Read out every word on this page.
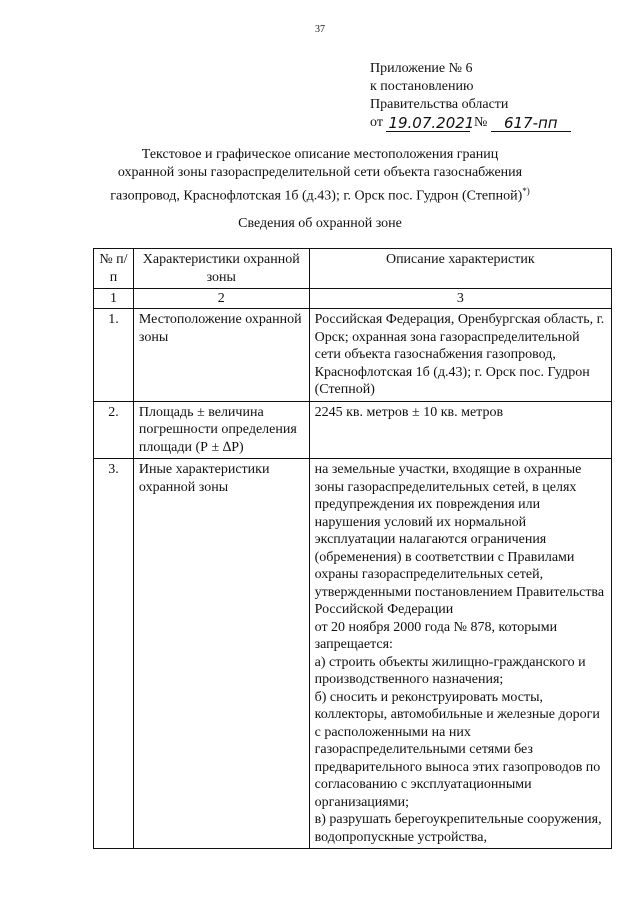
37
Приложение № 6
к постановлению
Правительства области
от
19.07.2021
№
	617-пп
Текстовое и графическое описание местоположения границ
охранной зоны газораспределительной сети объекта газоснабжения
газопровод, Краснофлотская 1б (д.43); г. Орск пос. Гудрон (Степной)*)
Сведения об охранной зоне
№ п/п	Характеристики охранной зоны	Описание характеристик
1	2	3
1.	Местоположение охранной зоны	Российская Федерация, Оренбургская область, г. Орск; охранная зона газораспределительной сети объекта газоснабжения газопровод, Краснофлотская 1б (д.43); г. Орск пос. Гудрон (Степной)

2.	Площадь ± величина погрешности определения площади (Р ± ∆Р)	2245 кв. метров ± 10 кв. метров

3.	Иные характеристики охранной зоны	на земельные участки, входящие в охранные зоны газораспределительных сетей, в целях предупреждения их повреждения или нарушения условий их нормальной эксплуатации налагаются ограничения (обременения) в соответствии с Правилами охраны газораспределительных сетей, утвержденными постановлением Правительства Российской Федерации
от 20 ноября 2000 года № 878, которыми запрещается:
а) строить объекты жилищно-гражданского и производственного назначения;
б) сносить и реконструировать мосты, коллекторы, автомобильные и железные дороги с расположенными на них газораспределительными сетями без предварительного выноса этих газопроводов по согласованию с эксплуатационными организациями;
в) разрушать берегоукрепительные сооружения, водопропускные устройства,
